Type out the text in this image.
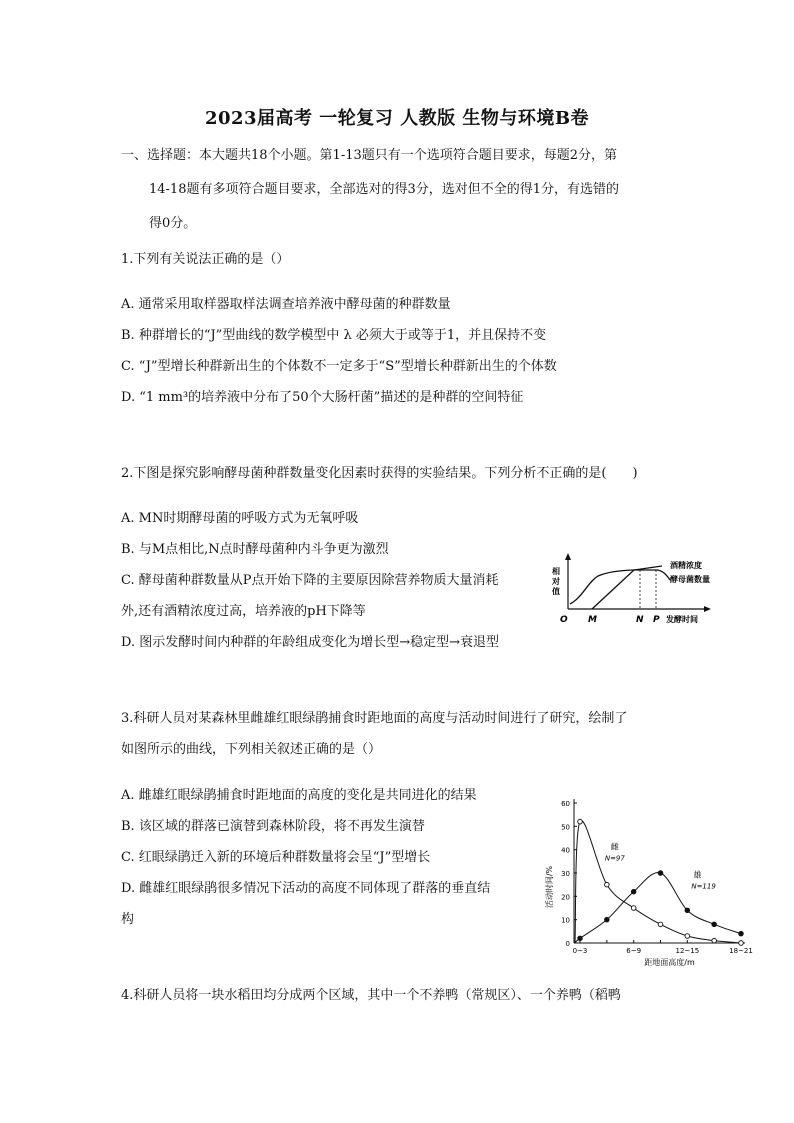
2023届高考 一轮复习 人教版 生物与环境B卷
一、选择题：本大题共18个小题。第1-13题只有一个选项符合题目要求，每题2分，第
14-18题有多项符合题目要求，全部选对的得3分，选对但不全的得1分，有选错的
得0分。
1.下列有关说法正确的是（）
A. 通常采用取样器取样法调查培养液中酵母菌的种群数量
B. 种群增长的“J”型曲线的数学模型中 λ 必须大于或等于1，并且保持不变
C. “J”型增长种群新出生的个体数不一定多于“S”型增长种群新出生的个体数
D. “1 mm³的培养液中分布了50个大肠杆菌”描述的是种群的空间特征
2.下图是探究影响酵母菌种群数量变化因素时获得的实验结果。下列分析不正确的是(　　)
A. MN时期酵母菌的呼吸方式为无氧呼吸
B. 与M点相比,N点时酵母菌种内斗争更为激烈
C. 酵母菌种群数量从P点开始下降的主要原因除营养物质大量消耗
外,还有酒精浓度过高，培养液的pH下降等
D. 图示发酵时间内种群的年龄组成变化为增长型→稳定型→衰退型
酒精浓度
酵母菌数量
相
对
值
O M	N P 发酵时间
3.科研人员对某森林里雌雄红眼绿鹃捕食时距地面的高度与活动时间进行了研究，绘制了
如图所示的曲线，下列相关叙述正确的是（）
A. 雌雄红眼绿鹃捕食时距地面的高度的变化是共同进化的结果
B. 该区域的群落已演替到森林阶段，将不再发生演替
C. 红眼绿鹃迁入新的环境后种群数量将会呈“J”型增长
D. 雌雄红眼绿鹃很多情况下活动的高度不同体现了群落的垂直结
构
0
10
20
30
40
50
60
0~3	6~9	12~15	18~21
距地面高度/m
活动时间/%
雌
N=97
雄
N=119
4.科研人员将一块水稻田均分成两个区域，其中一个不养鸭（常规区）、一个养鸭（稻鸭
